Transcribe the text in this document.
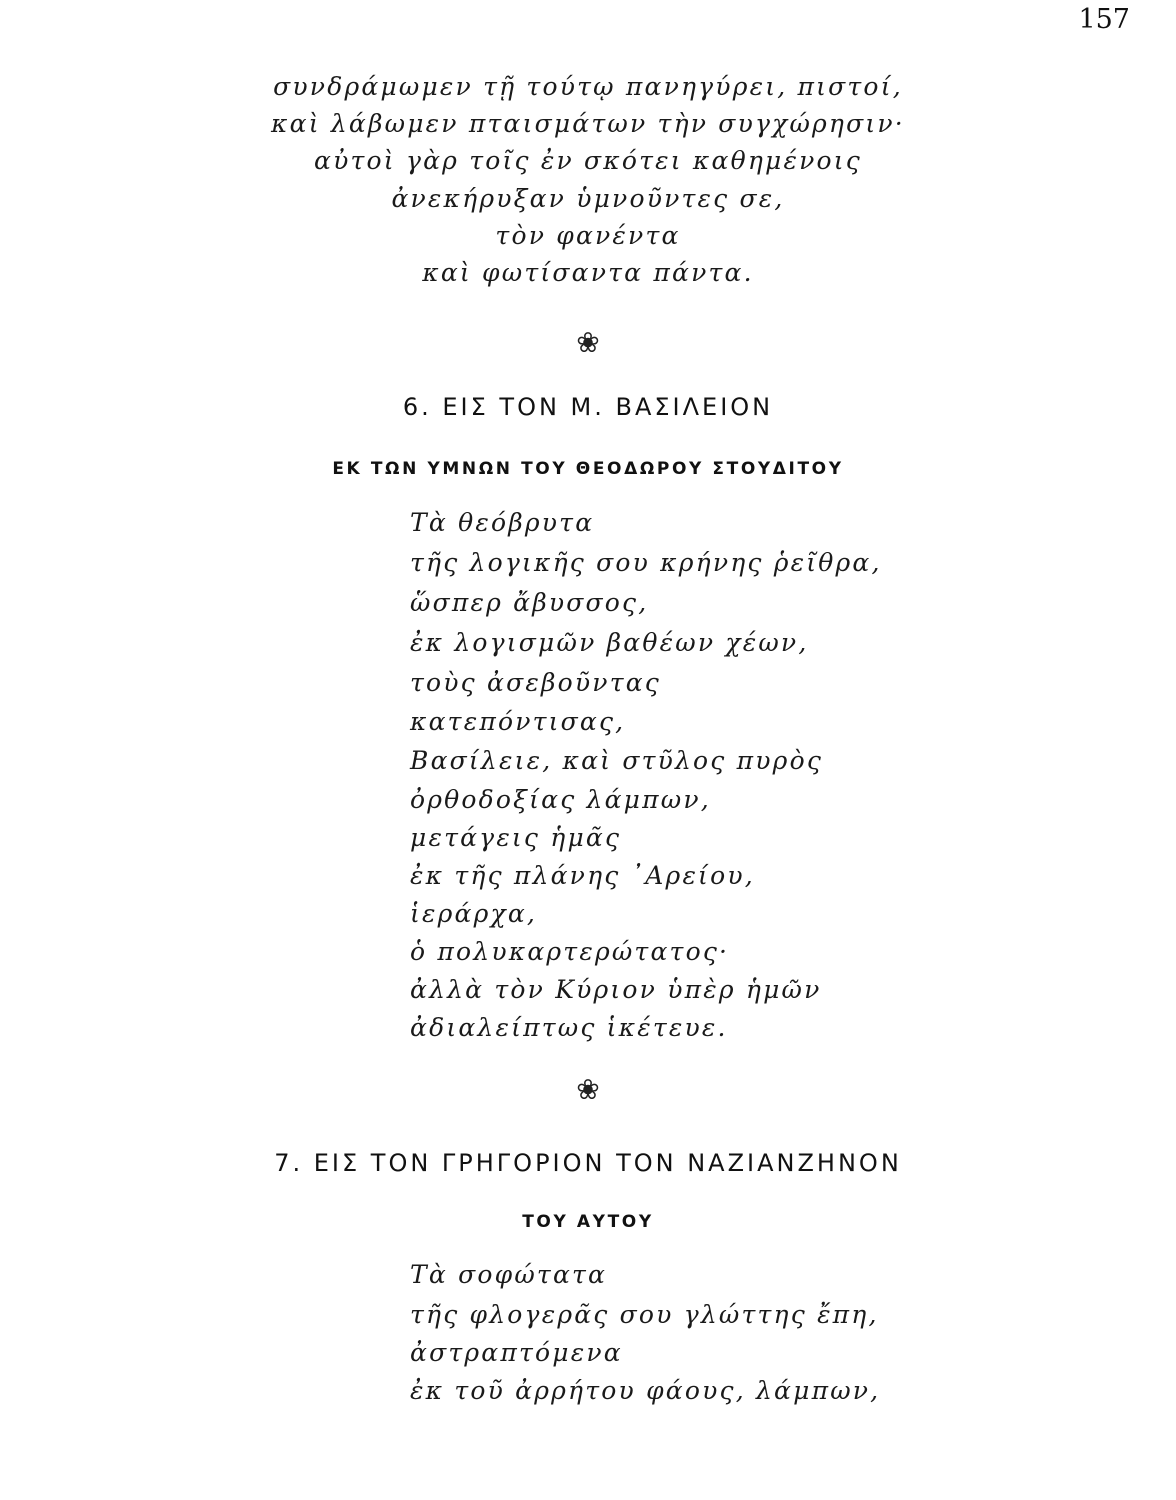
157
συνδράμωμεν τῇ τούτῳ πανηγύρει, πιστοί,
καὶ λάβωμεν πταισμάτων τὴν συγχώρησιν·
αὐτοὶ γὰρ τοῖς ἐν σκότει καθημένοις
ἀνεκήρυξαν ὑμνοῦντες σε,
τὸν φανέντα
καὶ φωτίσαντα πάντα.
❀
6. ΕΙΣ ΤΟΝ Μ. ΒΑΣΙΛΕΙΟΝ
ΕΚ ΤΩΝ ΥΜΝΩΝ ΤΟΥ ΘΕΟΔΩΡΟΥ ΣΤΟΥΔΙΤΟΥ
Τὰ θεόβρυτα
τῆς λογικῆς σου κρήνης ῥεῖθρα,
ὥσπερ ἄβυσσος,
ἐκ λογισμῶν βαθέων χέων,
τοὺς ἀσεβοῦντας
κατεπόντισας,
Βασίλειε, καὶ στῦλος πυρὸς
ὀρθοδοξίας λάμπων,
μετάγεις ἡμᾶς
ἐκ τῆς πλάνης ᾿Αρείου,
ἱεράρχα,
ὁ πολυκαρτερώτατος·
ἀλλὰ τὸν Κύριον ὑπὲρ ἡμῶν
ἀδιαλείπτως ἱκέτευε.
❀
7. ΕΙΣ ΤΟΝ ΓΡΗΓΟΡΙΟΝ ΤΟΝ ΝΑΖΙΑΝΖΗΝΟΝ
ΤΟΥ ΑΥΤΟΥ
Τὰ σοφώτατα
τῆς φλογερᾶς σου γλώττης ἔπη,
ἀστραπτόμενα
ἐκ τοῦ ἀρρήτου φάους, λάμπων,
